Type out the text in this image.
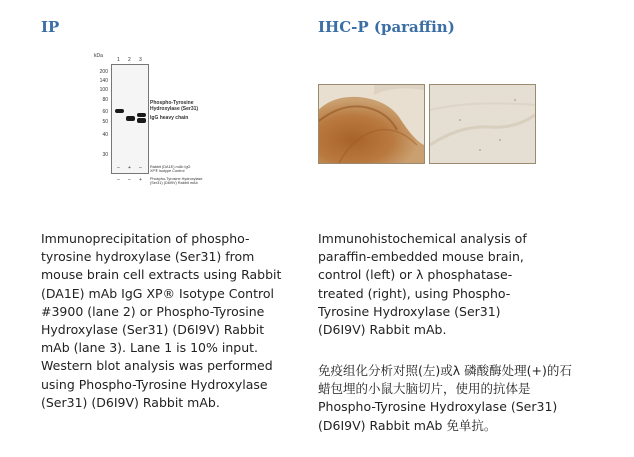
IP
kDa
200
140
100
80
60
50
40
30
1 2 3
Phospho-Tyrosine
Hydroxylase (Ser31)
IgG heavy chain
– + – Rabbit (DA1E) mAb IgG
XP® Isotype Control
– – + Phospho-Tyrosine Hydroxylase
(Ser31) (D6I9V) Rabbit mAb

Immunoprecipitation of phospho-tyrosine hydroxylase (Ser31) from mouse brain cell extracts using Rabbit (DA1E) mAb IgG XP® Isotype Control #3900 (lane 2) or Phospho-Tyrosine Hydroxylase (Ser31) (D6I9V) Rabbit mAb (lane 3). Lane 1 is 10% input. Western blot analysis was performed using Phospho-Tyrosine Hydroxylase (Ser31) (D6I9V) Rabbit mAb.

IHC-P (paraffin)

Immunohistochemical analysis of paraffin-embedded mouse brain, control (left) or λ phosphatase-treated (right), using Phospho-Tyrosine Hydroxylase (Ser31) (D6I9V) Rabbit mAb.

免疫组化分析对照(左)或λ 磷酸酶处理(+)的石蜡包埋的小鼠大脑切片，使用的抗体是Phospho-Tyrosine Hydroxylase (Ser31) (D6I9V) Rabbit mAb 免单抗。
